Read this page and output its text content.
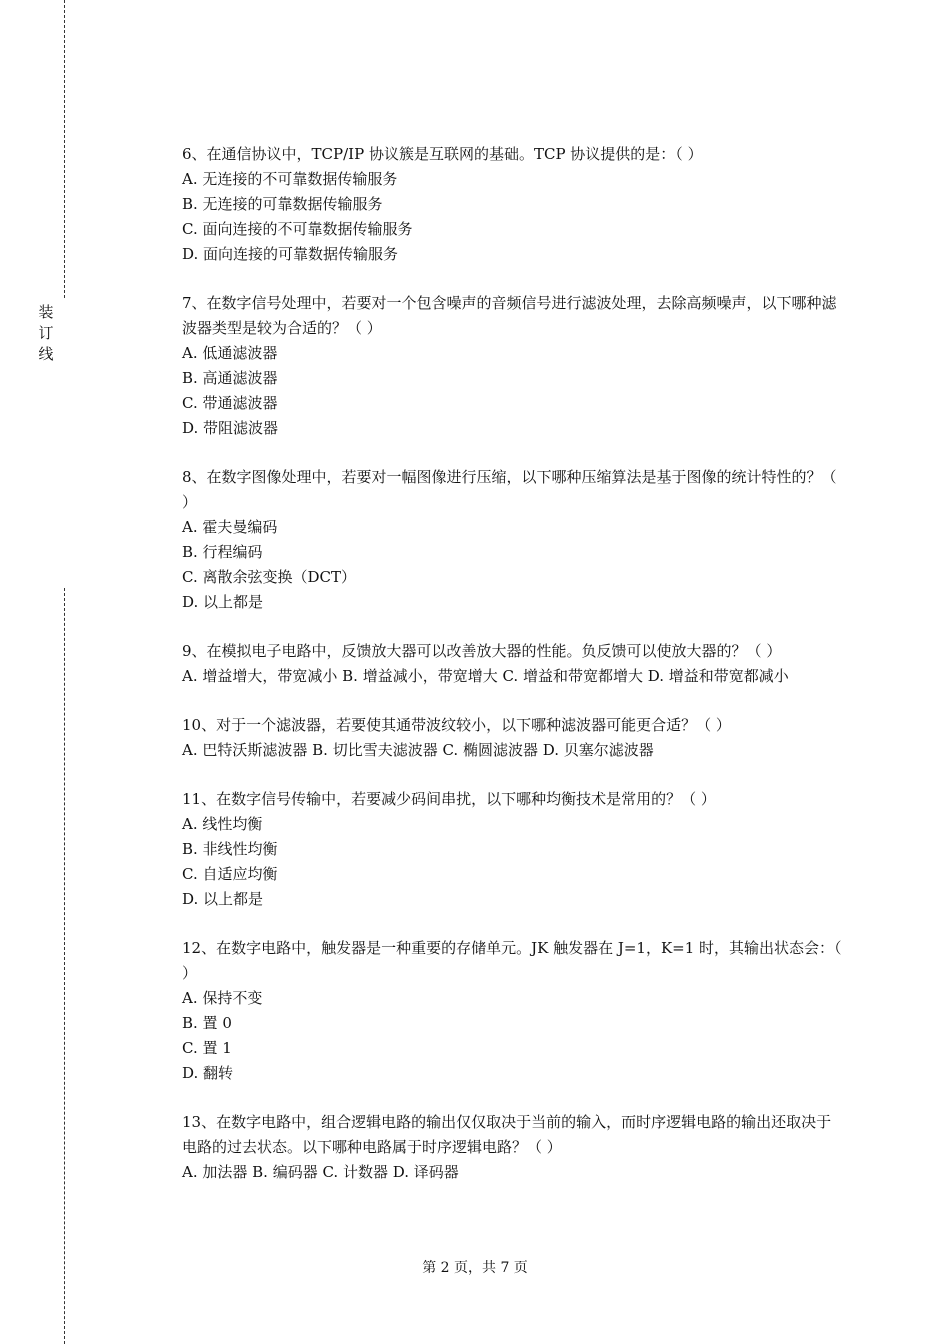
装订线
6、在通信协议中，TCP/IP 协议簇是互联网的基础。TCP 协议提供的是：（ ）
A. 无连接的不可靠数据传输服务
B. 无连接的可靠数据传输服务
C. 面向连接的不可靠数据传输服务
D. 面向连接的可靠数据传输服务
7、在数字信号处理中，若要对一个包含噪声的音频信号进行滤波处理，去除高频噪声，以下哪种滤波器类型是较为合适的？（ ）
A. 低通滤波器
B. 高通滤波器
C. 带通滤波器
D. 带阻滤波器
8、在数字图像处理中，若要对一幅图像进行压缩，以下哪种压缩算法是基于图像的统计特性的？（ ）
A. 霍夫曼编码
B. 行程编码
C. 离散余弦变换（DCT）
D. 以上都是
9、在模拟电子电路中，反馈放大器可以改善放大器的性能。负反馈可以使放大器的？（ ）
A. 增益增大，带宽减小 B. 增益减小，带宽增大 C. 增益和带宽都增大 D. 增益和带宽都减小
10、对于一个滤波器，若要使其通带波纹较小，以下哪种滤波器可能更合适？（ ）
A. 巴特沃斯滤波器 B. 切比雪夫滤波器 C. 椭圆滤波器 D. 贝塞尔滤波器
11、在数字信号传输中，若要减少码间串扰，以下哪种均衡技术是常用的？（ ）
A. 线性均衡
B. 非线性均衡
C. 自适应均衡
D. 以上都是
12、在数字电路中，触发器是一种重要的存储单元。JK 触发器在 J=1，K=1 时，其输出状态会：（ ）
A. 保持不变
B. 置 0
C. 置 1
D. 翻转
13、在数字电路中，组合逻辑电路的输出仅仅取决于当前的输入，而时序逻辑电路的输出还取决于电路的过去状态。以下哪种电路属于时序逻辑电路？（ ）
A. 加法器 B. 编码器 C. 计数器 D. 译码器
第 2 页，共 7 页
